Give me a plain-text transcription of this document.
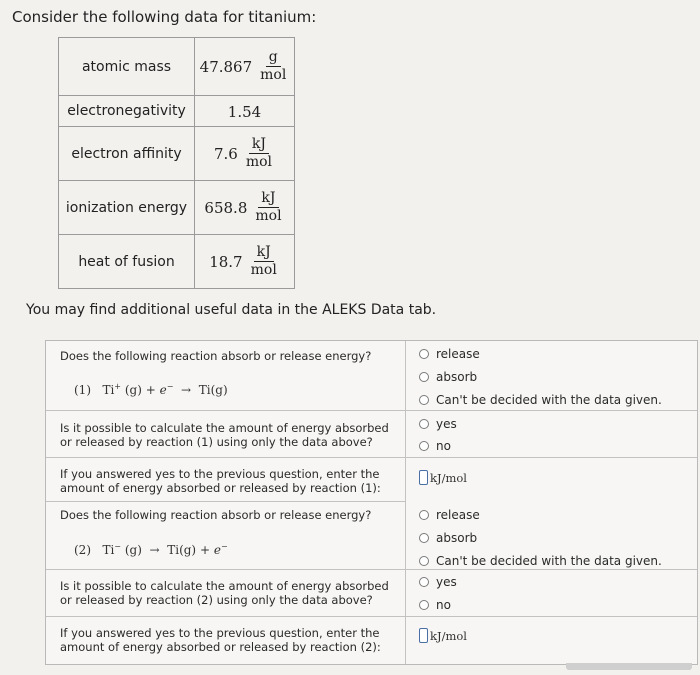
Consider the following data for titanium:
atomic mass	$47.867 \frac{g}{\text{mol}}$

electronegativity	1.54

electron affinity	$7.6 \frac{kJ}{\text{mol}}$

ionization energy	$658.8 \frac{kJ}{\text{mol}}$

heat of fusion	$18.7 \frac{kJ}{\text{mol}}$
You may find additional useful data in the ALEKS Data tab.
Does the following reaction absorb or release energy?
(1) Ti+ (g) + e− → Ti(g)
release
absorb
Can't be decided with the data given.
Is it possible to calculate the amount of energy absorbed or released by reaction (1) using only the data above?
yes
no
If you answered yes to the previous question, enter the amount of energy absorbed or released by reaction (1):
kJ/mol
Does the following reaction absorb or release energy?
(2) Ti− (g) → Ti(g) + e−
release
absorb
Can't be decided with the data given.
Is it possible to calculate the amount of energy absorbed or released by reaction (2) using only the data above?
yes
no
If you answered yes to the previous question, enter the amount of energy absorbed or released by reaction (2):
kJ/mol
